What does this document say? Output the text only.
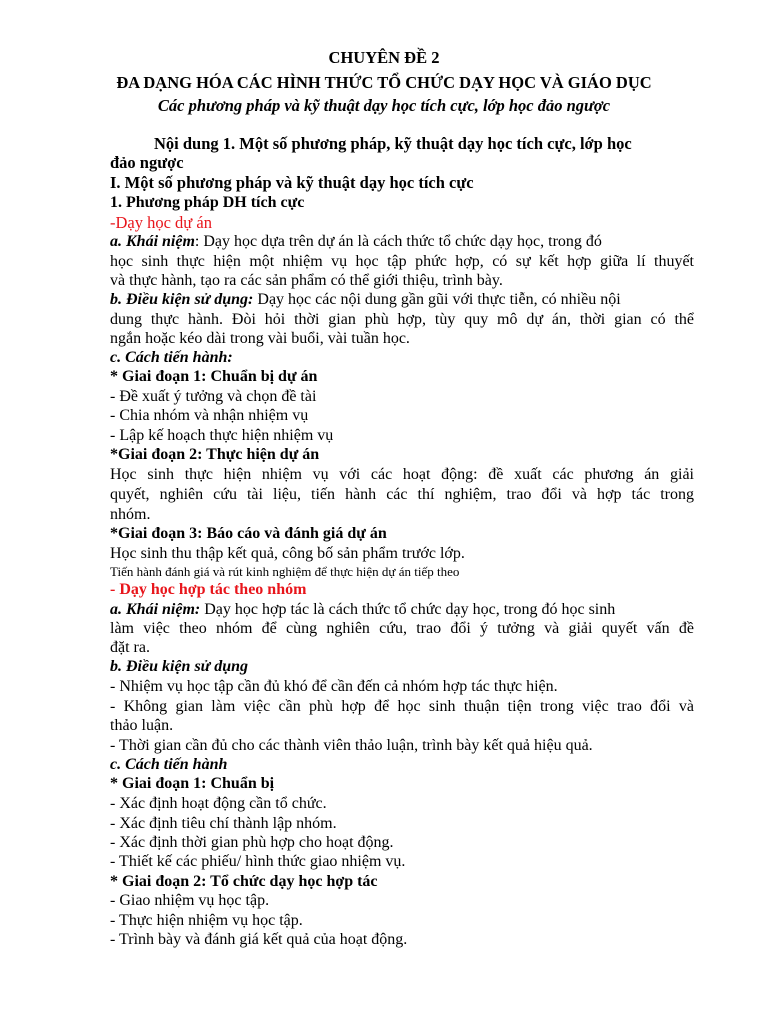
CHUYÊN ĐỀ 2
ĐA DẠNG HÓA CÁC HÌNH THỨC TỔ CHỨC DẠY HỌC VÀ GIÁO DỤC
Các phương pháp và kỹ thuật dạy học tích cực, lớp học đảo ngược
Nội dung 1. Một số phương pháp, kỹ thuật dạy học tích cực, lớp học
đảo ngược
I. Một số phương pháp và kỹ thuật dạy học tích cực
1. Phương pháp DH tích cực
-Dạy học dự án
a. Khái niệm: Dạy học dựa trên dự án là cách thức tổ chức dạy học, trong đó
học sinh thực hiện một nhiệm vụ học tập phức hợp, có sự kết hợp giữa lí thuyết
và thực hành, tạo ra các sản phẩm có thể giới thiệu, trình bày.
b. Điều kiện sử dụng: Dạy học các nội dung gần gũi với thực tiễn, có nhiều nội
dung thực hành. Đòi hỏi thời gian phù hợp, tùy quy mô dự án, thời gian có thể
ngắn hoặc kéo dài trong vài buổi, vài tuần học.
c. Cách tiến hành:
* Giai đoạn 1: Chuẩn bị dự án
- Đề xuất ý tưởng và chọn đề tài
- Chia nhóm và nhận nhiệm vụ
- Lập kế hoạch thực hiện nhiệm vụ
*Giai đoạn 2: Thực hiện dự án
Học sinh thực hiện nhiệm vụ với các hoạt động: đề xuất các phương án giải
quyết, nghiên cứu tài liệu, tiến hành các thí nghiệm, trao đổi và hợp tác trong
nhóm.
*Giai đoạn 3: Báo cáo và đánh giá dự án
Học sinh thu thập kết quả, công bố sản phẩm trước lớp.
Tiến hành đánh giá và rút kinh nghiệm để thực hiện dự án tiếp theo
- Dạy học hợp tác theo nhóm
a. Khái niệm: Dạy học hợp tác là cách thức tổ chức dạy học, trong đó học sinh
làm việc theo nhóm để cùng nghiên cứu, trao đổi ý tưởng và giải quyết vấn đề
đặt ra.
b. Điều kiện sử dụng
- Nhiệm vụ học tập cần đủ khó để cần đến cả nhóm hợp tác thực hiện.
- Không gian làm việc cần phù hợp để học sinh thuận tiện trong việc trao đổi và
thảo luận.
- Thời gian cần đủ cho các thành viên thảo luận, trình bày kết quả hiệu quả.
c. Cách tiến hành
* Giai đoạn 1: Chuẩn bị
- Xác định hoạt động cần tổ chức.
- Xác định tiêu chí thành lập nhóm.
- Xác định thời gian phù hợp cho hoạt động.
- Thiết kế các phiếu/ hình thức giao nhiệm vụ.
* Giai đoạn 2: Tổ chức dạy học hợp tác
- Giao nhiệm vụ học tập.
- Thực hiện nhiệm vụ học tập.
- Trình bày và đánh giá kết quả của hoạt động.
